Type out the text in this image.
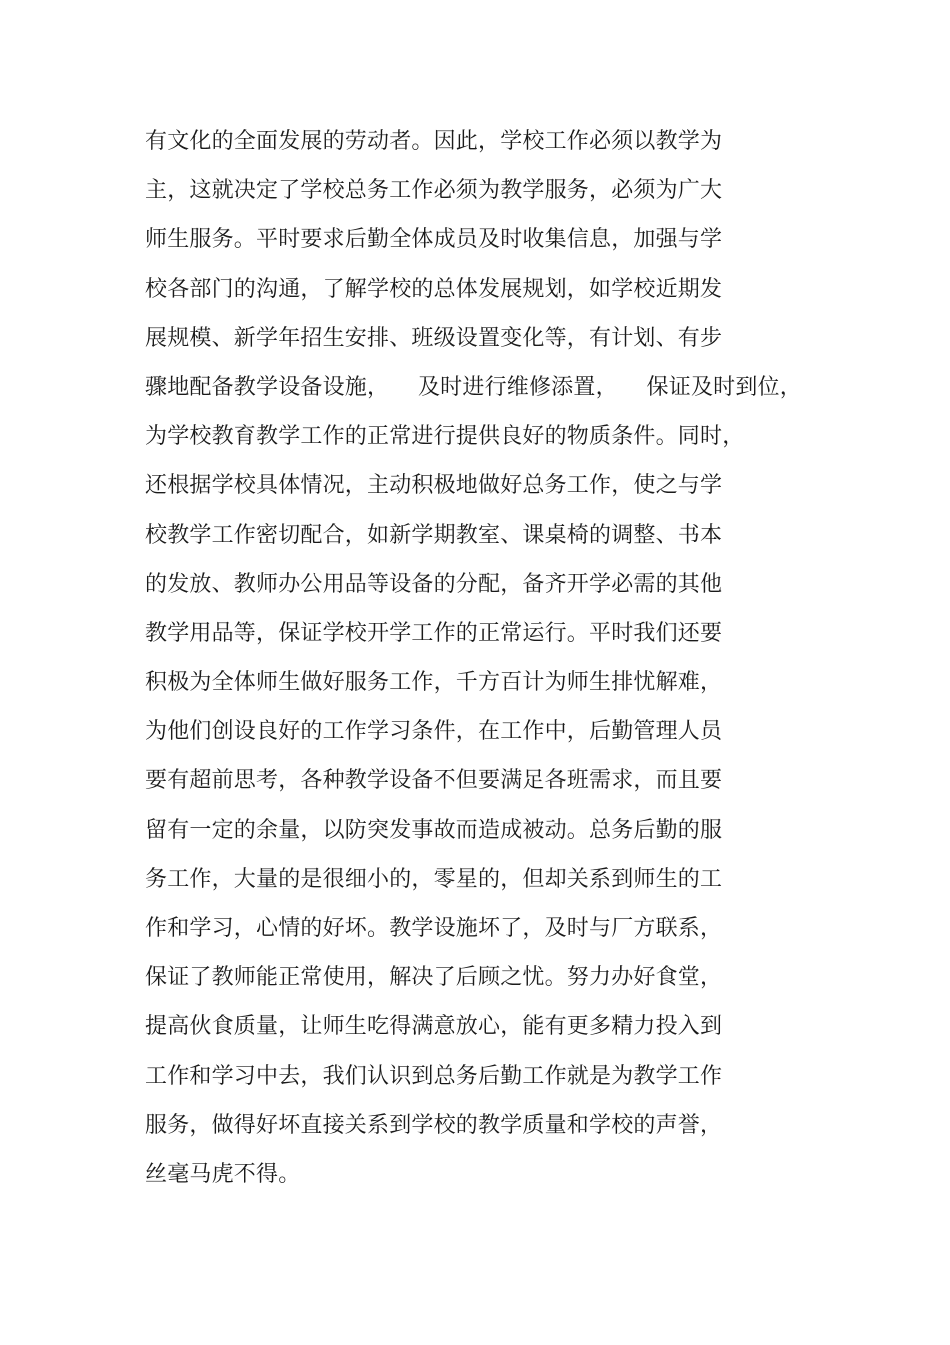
有文化的全面发展的劳动者。因此，学校工作必须以教学为
主，这就决定了学校总务工作必须为教学服务，必须为广大
师生服务。平时要求后勤全体成员及时收集信息，加强与学
校各部门的沟通，了解学校的总体发展规划，如学校近期发
展规模、新学年招生安排、班级设置变化等，有计划、有步
骤地配备教学设备设施，    及时进行维修添置，    保证及时到位，
为学校教育教学工作的正常进行提供良好的物质条件。同时，
还根据学校具体情况，主动积极地做好总务工作，使之与学
校教学工作密切配合，如新学期教室、课桌椅的调整、书本
的发放、教师办公用品等设备的分配，备齐开学必需的其他
教学用品等，保证学校开学工作的正常运行。平时我们还要
积极为全体师生做好服务工作，千方百计为师生排忧解难，
为他们创设良好的工作学习条件，在工作中，后勤管理人员
要有超前思考，各种教学设备不但要满足各班需求，而且要
留有一定的余量，以防突发事故而造成被动。总务后勤的服
务工作，大量的是很细小的，零星的，但却关系到师生的工
作和学习，心情的好坏。教学设施坏了，及时与厂方联系，
保证了教师能正常使用，解决了后顾之忧。努力办好食堂，
提高伙食质量，让师生吃得满意放心，能有更多精力投入到
工作和学习中去，我们认识到总务后勤工作就是为教学工作
服务，做得好坏直接关系到学校的教学质量和学校的声誉，
丝毫马虎不得。
